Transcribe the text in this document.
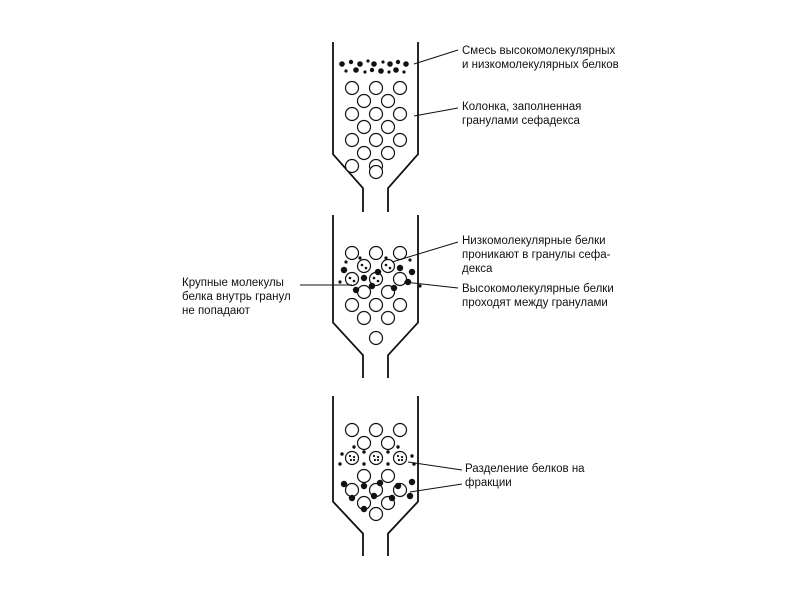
Смесь высокомолекулярных и низкомолекулярных белков
Колонка, заполненная гранулами сефадекса
Низкомолекулярные белки проникают в гранулы сефа- декса
Высокомолекулярные белки проходят между гранулами
Крупные молекулы белка внутрь гранул не попадают
Разделение белков на фракции
